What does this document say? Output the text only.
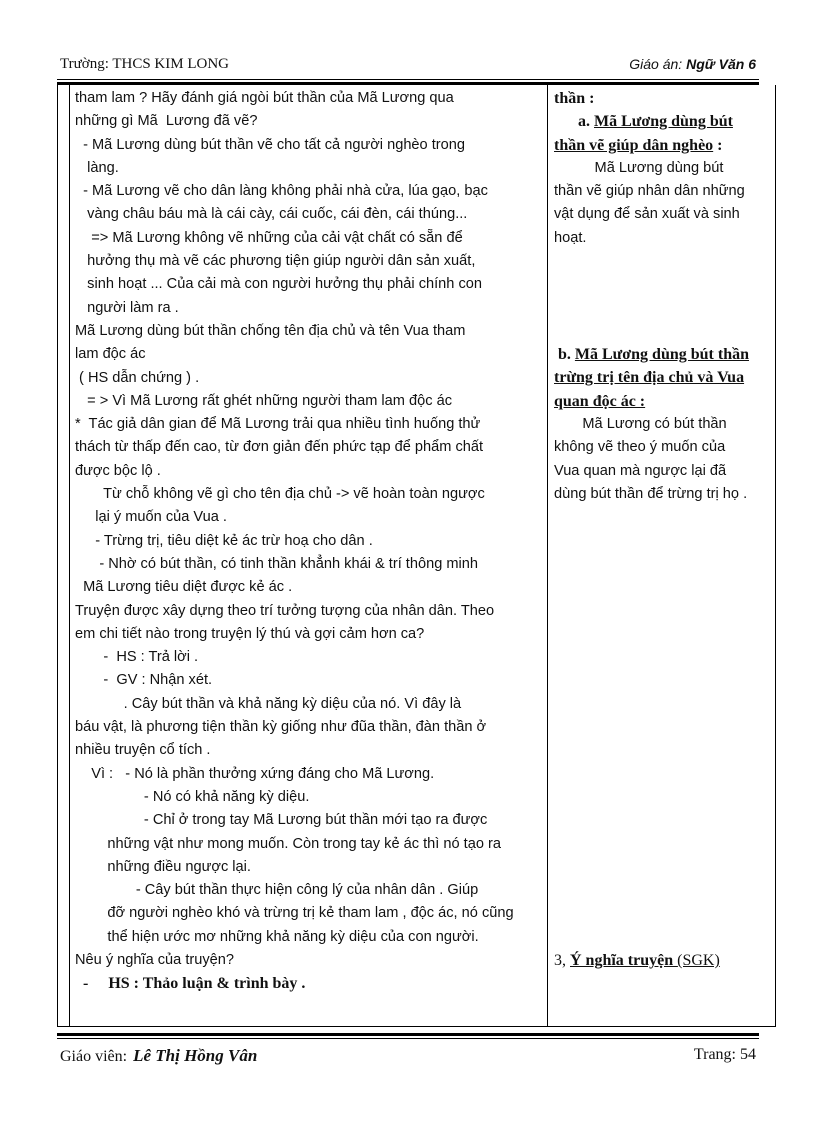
Trường: THCS KIM LONG	Giáo án: Ngữ Văn 6
tham lam ? Hãy đánh giá ngòi bút thần của Mã Lương qua
những gì Mã  Lương đã vẽ?
- Mã Lương dùng bút thần vẽ cho tất cả người nghèo trong
làng.
- Mã Lương vẽ cho dân làng không phải nhà cửa, lúa gạo, bạc
vàng châu báu mà là cái cày, cái cuốc, cái đèn, cái thúng...
=> Mã Lương không vẽ những của cải vật chất có sẵn để
hưởng thụ mà vẽ các phương tiện giúp người dân sản xuất,
sinh hoạt ... Của cải mà con người hưởng thụ phải chính con
người làm ra .
Mã Lương dùng bút thần chống tên địa chủ và tên Vua tham
lam độc ác
( HS dẫn chứng ) .
= > Vì Mã Lương rất ghét những người tham lam độc ác
*  Tác giả dân gian để Mã Lương trải qua nhiều tình huống thử
thách từ thấp đến cao, từ đơn giản đến phức tạp để phẩm chất
được bộc lộ .
Từ chỗ không vẽ gì cho tên địa chủ -> vẽ hoàn toàn ngược
lại ý muốn của Vua .
- Trừng trị, tiêu diệt kẻ ác trừ hoạ cho dân .
- Nhờ có bút thần, có tinh thần khẳnh khái & trí thông minh
Mã Lương tiêu diệt được kẻ ác .
Truyện được xây dựng theo trí tưởng tượng của nhân dân. Theo
em chi tiết nào trong truyện lý thú và gợi cảm hơn ca?
-  HS : Trả lời .
-  GV : Nhận xét.
. Cây bút thần và khả năng kỳ diệu của nó. Vì đây là
báu vật, là phương tiện thần kỳ giống như đũa thần, đàn thần ở
nhiều truyện cổ tích .
Vì :   - Nó là phần thưởng xứng đáng cho Mã Lương.
- Nó có khả năng kỳ diệu.
- Chỉ ở trong tay Mã Lương bút thần mới tạo ra được
những vật như mong muốn. Còn trong tay kẻ ác thì nó tạo ra
những điều ngược lại.
- Cây bút thần thực hiện công lý của nhân dân . Giúp
đỡ người nghèo khó và trừng trị kẻ tham lam , độc ác, nó cũng
thể hiện ước mơ những khả năng kỳ diệu của con người.
Nêu ý nghĩa của truyện?
-     HS : Thảo luận & trình bày .
thần :
a. Mã Lương dùng bút
thần vẽ giúp dân nghèo :
Mã Lương dùng bút
thần vẽ giúp nhân dân những
vật dụng để sản xuất và sinh
hoạt.
b. Mã Lương dùng bút thần
trừng trị tên địa chủ và Vua
quan độc ác :
Mã Lương có bút thần
không vẽ theo ý muốn của
Vua quan mà ngược lại đã
dùng bút thần để trừng trị họ .
3, Ý nghĩa truyện (SGK)
Giáo viên: Lê Thị Hồng Vân	Trang: 54
